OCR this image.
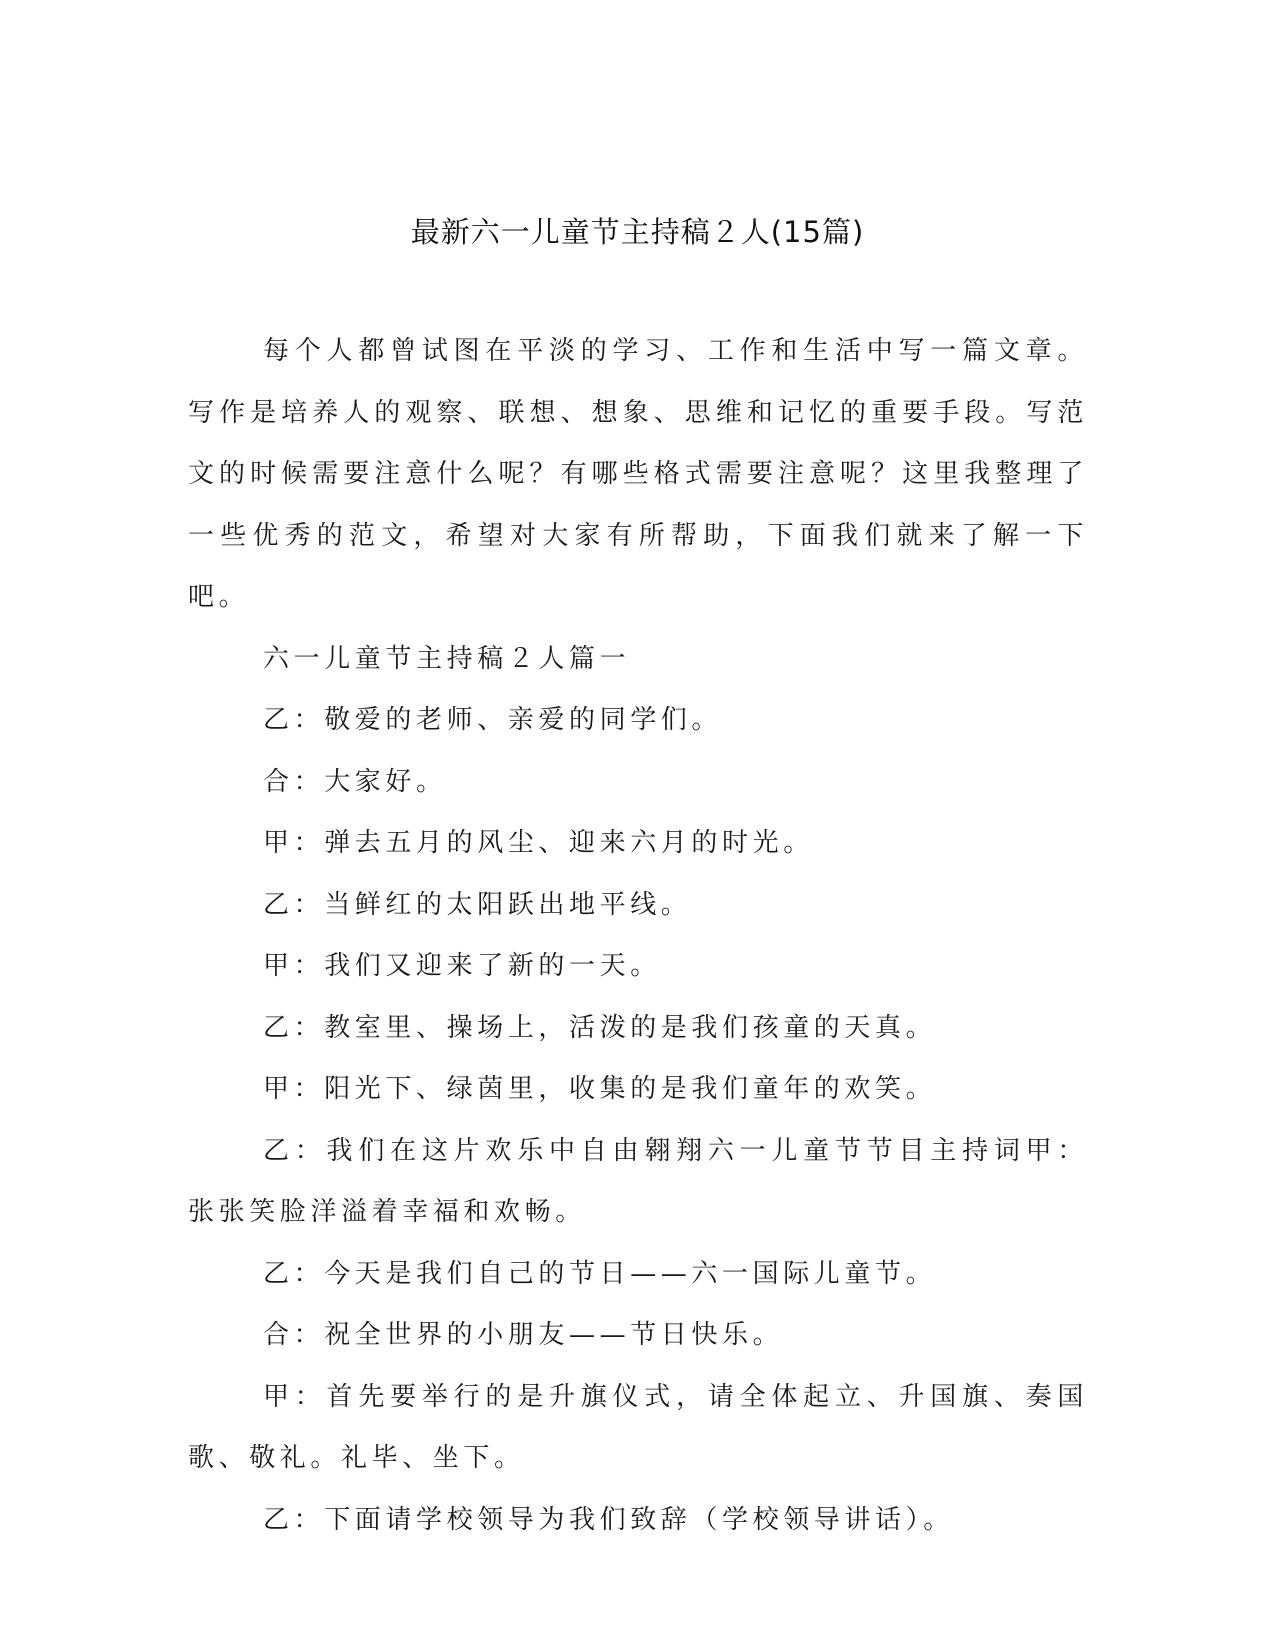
最新六一儿童节主持稿２人(15篇)

每个人都曾试图在平淡的学习、工作和生活中写一篇文章。写作是培养人的观察、联想、想象、思维和记忆的重要手段。写范文的时候需要注意什么呢？有哪些格式需要注意呢？这里我整理了一些优秀的范文，希望对大家有所帮助，下面我们就来了解一下吧。

六一儿童节主持稿２人篇一

乙：敬爱的老师、亲爱的同学们。

合：大家好。

甲：弹去五月的风尘、迎来六月的时光。

乙：当鲜红的太阳跃出地平线。

甲：我们又迎来了新的一天。

乙：教室里、操场上，活泼的是我们孩童的天真。

甲：阳光下、绿茵里，收集的是我们童年的欢笑。

乙：我们在这片欢乐中自由翱翔六一儿童节节目主持词甲：张张笑脸洋溢着幸福和欢畅。

乙：今天是我们自己的节日——六一国际儿童节。

合：祝全世界的小朋友——节日快乐。

甲：首先要举行的是升旗仪式，请全体起立、升国旗、奏国歌、敬礼。礼毕、坐下。

乙：下面请学校领导为我们致辞（学校领导讲话）。
